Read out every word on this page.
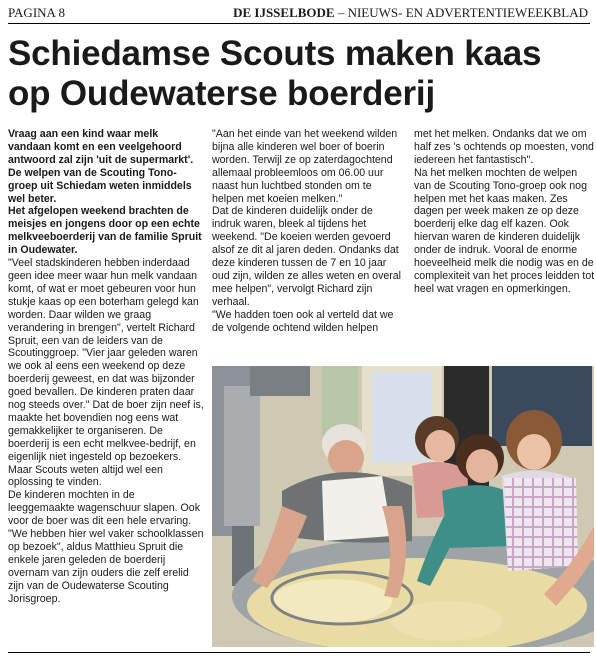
PAGINA 8	DE IJSSELBODE – NIEUWS- EN ADVERTENTIEWEEKBLAD
Schiedamse Scouts maken kaas op Oudewaterse boerderij

Vraag aan een kind waar melk vandaan komt en een veelgehoord antwoord zal zijn 'uit de supermarkt'. De welpen van de Scouting Tono-groep uit Schiedam weten inmiddels wel beter.

Het afgelopen weekend brachten de meisjes en jongens door op een echte melkveeboerderij van de familie Spruit in Oudewater.

"Veel stadskinderen hebben inderdaad geen idee meer waar hun melk vandaan komt, of wat er moet gebeuren voor hun stukje kaas op een boterham gelegd kan worden. Daar wilden we graag verandering in brengen", vertelt Richard Spruit, een van de leiders van de Scoutinggroep. "Vier jaar geleden waren we ook al eens een weekend op deze boerderij geweest, en dat was bijzonder goed bevallen. De kinderen praten daar nog steeds over." Dat de boer zijn neef is, maakte het bovendien nog eens wat gemakkelijker te organiseren. De boerderij is een echt melkvee-bedrijf, en eigenlijk niet ingesteld op bezoekers. Maar Scouts weten altijd wel een oplossing te vinden.

De kinderen mochten in de leeggemaakte wagenschuur slapen. Ook voor de boer was dit een hele ervaring. "We hebben hier wel vaker schoolklassen op bezoek", aldus Matthieu Spruit die enkele jaren geleden de boerderij overnam van zijn ouders die zelf erelid zijn van de Oudewaterse Scouting Jorisgroep.

"Aan het einde van het weekend wilden bijna alle kinderen wel boer of boerin worden. Terwijl ze op zaterdagochtend allemaal probleemloos om 06.00 uur naast hun luchtbed stonden om te helpen met koeien melken."

Dat de kinderen duidelijk onder de indruk waren, bleek al tijdens het weekend. "De koeien werden gevoerd alsof ze dit al jaren deden. Ondanks dat deze kinderen tussen de 7 en 10 jaar oud zijn, wilden ze alles weten en overal mee helpen", vervolgt Richard zijn verhaal.

"We hadden toen ook al verteld dat we de volgende ochtend wilden helpen

met het melken. Ondanks dat we om half zes 's ochtends op moesten, vond iedereen het fantastisch".

Na het melken mochten de welpen van de Scouting Tono-groep ook nog helpen met het kaas maken. Zes dagen per week maken ze op deze boerderij elke dag elf kazen. Ook hiervan waren de kinderen duidelijk onder de indruk. Vooral de enorme hoeveelheid melk die nodig was en de complexiteit van het proces leidden tot heel wat vragen en opmerkingen.
